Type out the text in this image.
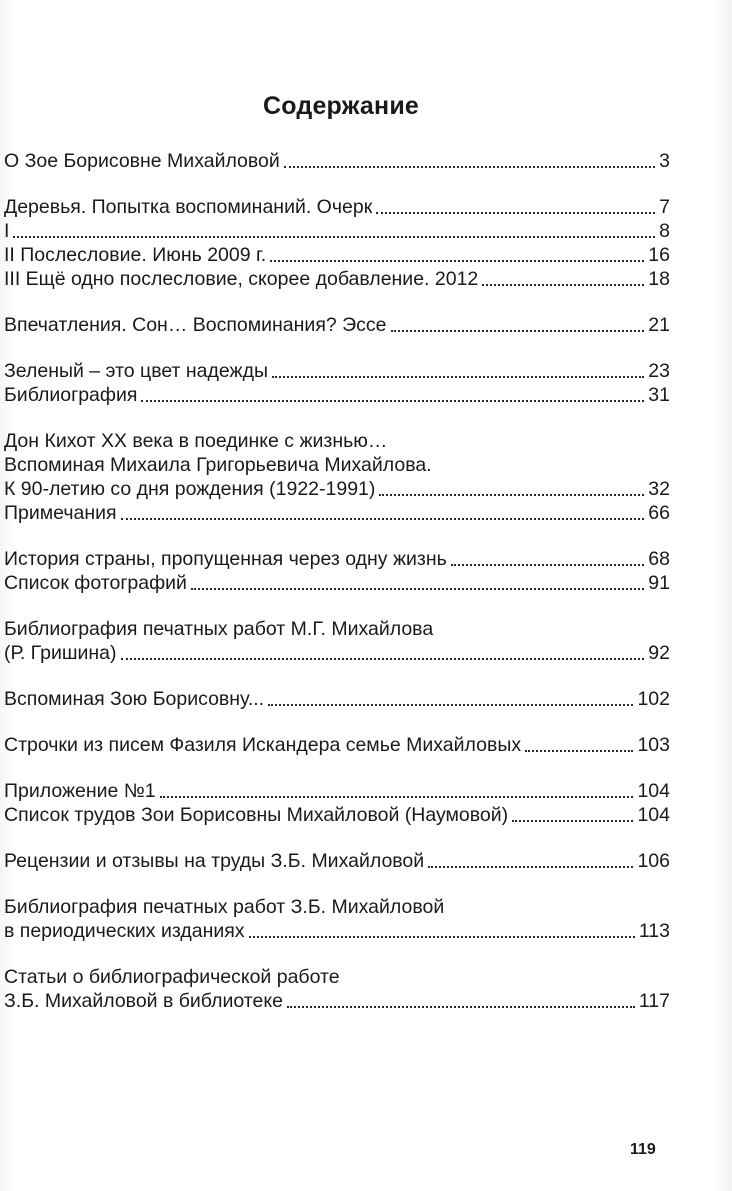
Содержание
О Зое Борисовне Михайловой	3
Деревья. Попытка воспоминаний. Очерк	7
I	8
II Послесловие. Июнь 2009 г.	16
III Ещё одно послесловие, скорее добавление. 2012	18
Впечатления. Сон… Воспоминания? Эссе	21
Зеленый – это цвет надежды	23
Библиография	31
Дон Кихот XX века в поединке с жизнью…
Вспоминая Михаила Григорьевича Михайлова.
К 90-летию со дня рождения (1922-1991)	32
Примечания	66
История страны, пропущенная через одну жизнь	68
Список фотографий	91
Библиография печатных работ М.Г. Михайлова
(Р. Гришина)	92
Вспоминая Зою Борисовну...	102
Строчки из писем Фазиля Искандера семье Михайловых	103
Приложение №1	104
Список трудов Зои Борисовны Михайловой (Наумовой)	104
Рецензии и отзывы на труды З.Б. Михайловой	106
Библиография печатных работ З.Б. Михайловой
в периодических изданиях	113
Статьи о библиографической работе
З.Б. Михайловой в библиотеке	117
119
